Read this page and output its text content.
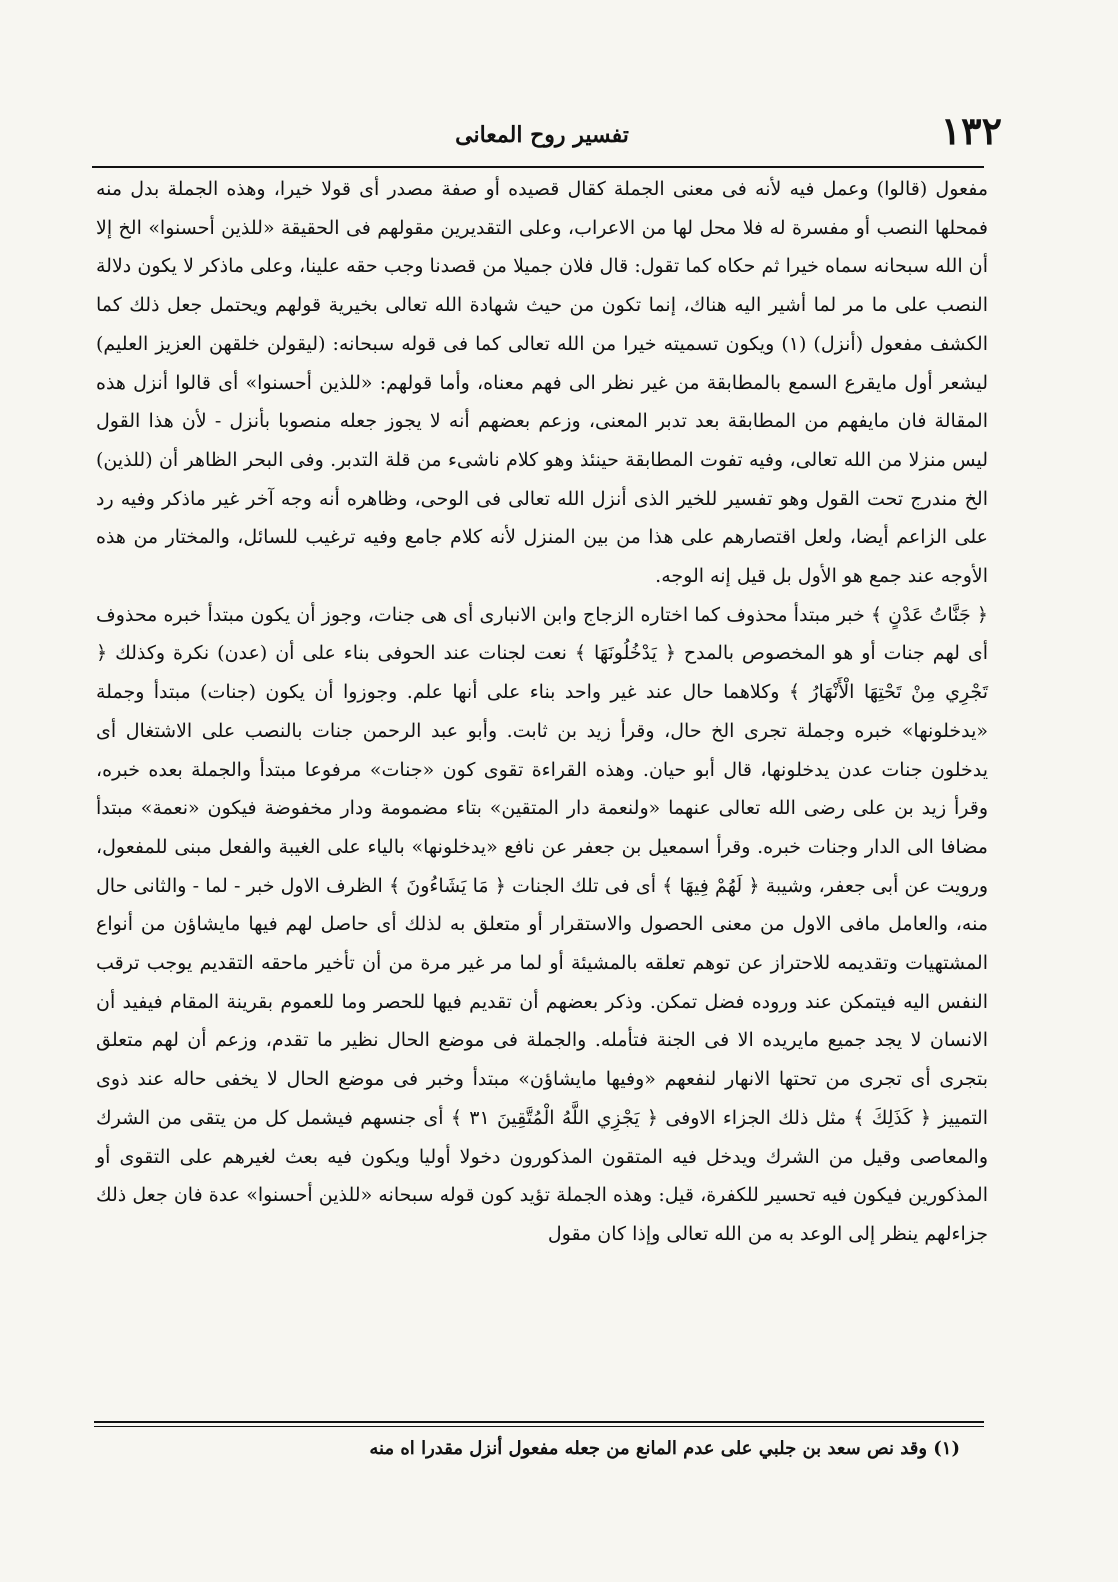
١٣٢
تفسير روح المعانى

مفعول (قالوا) وعمل فيه لأنه فى معنى الجملة كقال قصيده أو صفة مصدر أى قولا خيرا، وهذه الجملة بدل منه فمحلها النصب أو مفسرة له فلا محل لها من الاعراب، وعلى التقديرين مقولهم فى الحقيقة «للذين أحسنوا» الخ إلا أن الله سبحانه سماه خيرا ثم حكاه كما تقول: قال فلان جميلا من قصدنا وجب حقه علينا، وعلى ماذكر لا يكون دلالة النصب على ما مر لما أشير اليه هناك، إنما تكون من حيث شهادة الله تعالى بخيرية قولهم ويحتمل جعل ذلك كما الكشف مفعول (أنزل) (١) ويكون تسميته خيرا من الله تعالى كما فى قوله سبحانه: (ليقولن خلقهن العزيز العليم) ليشعر أول مايقرع السمع بالمطابقة من غير نظر الى فهم معناه، وأما قولهم: «للذين أحسنوا» أى قالوا أنزل هذه المقالة فان مايفهم من المطابقة بعد تدبر المعنى، وزعم بعضهم أنه لا يجوز جعله منصوبا بأنزل - لأن هذا القول ليس منزلا من الله تعالى، وفيه تفوت المطابقة حينئذ وهو كلام ناشىء من قلة التدبر. وفى البحر الظاهر أن (للذين) الخ مندرج تحت القول وهو تفسير للخير الذى أنزل الله تعالى فى الوحى، وظاهره أنه وجه آخر غير ماذكر وفيه رد على الزاعم أيضا، ولعل اقتصارهم على هذا من بين المنزل لأنه كلام جامع وفيه ترغيب للسائل، والمختار من هذه الأوجه عند جمع هو الأول بل قيل إنه الوجه.

﴿ جَنَّاتُ عَدْنٍ ﴾ خبر مبتدأ محذوف كما اختاره الزجاج وابن الانبارى أى هى جنات، وجوز أن يكون مبتدأ خبره محذوف أى لهم جنات أو هو المخصوص بالمدح ﴿ يَدْخُلُونَهَا ﴾ نعت لجنات عند الحوفى بناء على أن (عدن) نكرة وكذلك ﴿ تَجْرِي مِنْ تَحْتِهَا الْأَنْهَارُ ﴾ وكلاهما حال عند غير واحد بناء على أنها علم. وجوزوا أن يكون (جنات) مبتدأ وجملة «يدخلونها» خبره وجملة تجرى الخ حال، وقرأ زيد بن ثابت. وأبو عبد الرحمن جنات بالنصب على الاشتغال أى يدخلون جنات عدن يدخلونها، قال أبو حيان. وهذه القراءة تقوى كون «جنات» مرفوعا مبتدأ والجملة بعده خبره، وقرأ زيد بن على رضى الله تعالى عنهما «ولنعمة دار المتقين» بتاء مضمومة ودار مخفوضة فيكون «نعمة» مبتدأ مضافا الى الدار وجنات خبره. وقرأ اسمعيل بن جعفر عن نافع «يدخلونها» بالياء على الغيبة والفعل مبنى للمفعول، ورويت عن أبى جعفر، وشيبة ﴿ لَهُمْ فِيهَا ﴾ أى فى تلك الجنات ﴿ مَا يَشَاءُونَ ﴾ الظرف الاول خبر - لما - والثانى حال منه، والعامل مافى الاول من معنى الحصول والاستقرار أو متعلق به لذلك أى حاصل لهم فيها مايشاؤن من أنواع المشتهيات وتقديمه للاحتراز عن توهم تعلقه بالمشيئة أو لما مر غير مرة من أن تأخير ماحقه التقديم يوجب ترقب النفس اليه فيتمكن عند وروده فضل تمكن. وذكر بعضهم أن تقديم فيها للحصر وما للعموم بقرينة المقام فيفيد أن الانسان لا يجد جميع مايريده الا فى الجنة فتأمله. والجملة فى موضع الحال نظير ما تقدم، وزعم أن لهم متعلق بتجرى أى تجرى من تحتها الانهار لنفعهم «وفيها مايشاؤن» مبتدأ وخبر فى موضع الحال لا يخفى حاله عند ذوى التمييز ﴿ كَذَلِكَ ﴾ مثل ذلك الجزاء الاوفى ﴿ يَجْزِي اللَّهُ الْمُتَّقِينَ ٣١ ﴾ أى جنسهم فيشمل كل من يتقى من الشرك والمعاصى وقيل من الشرك ويدخل فيه المتقون المذكورون دخولا أوليا ويكون فيه بعث لغيرهم على التقوى أو المذكورين فيكون فيه تحسير للكفرة، قيل: وهذه الجملة تؤيد كون قوله سبحانه «للذين أحسنوا» عدة فان جعل ذلك جزاءلهم ينظر إلى الوعد به من الله تعالى وإذا كان مقول

(١) وقد نص سعد بن جلبي على عدم المانع من جعله مفعول أنزل مقدرا اه منه
